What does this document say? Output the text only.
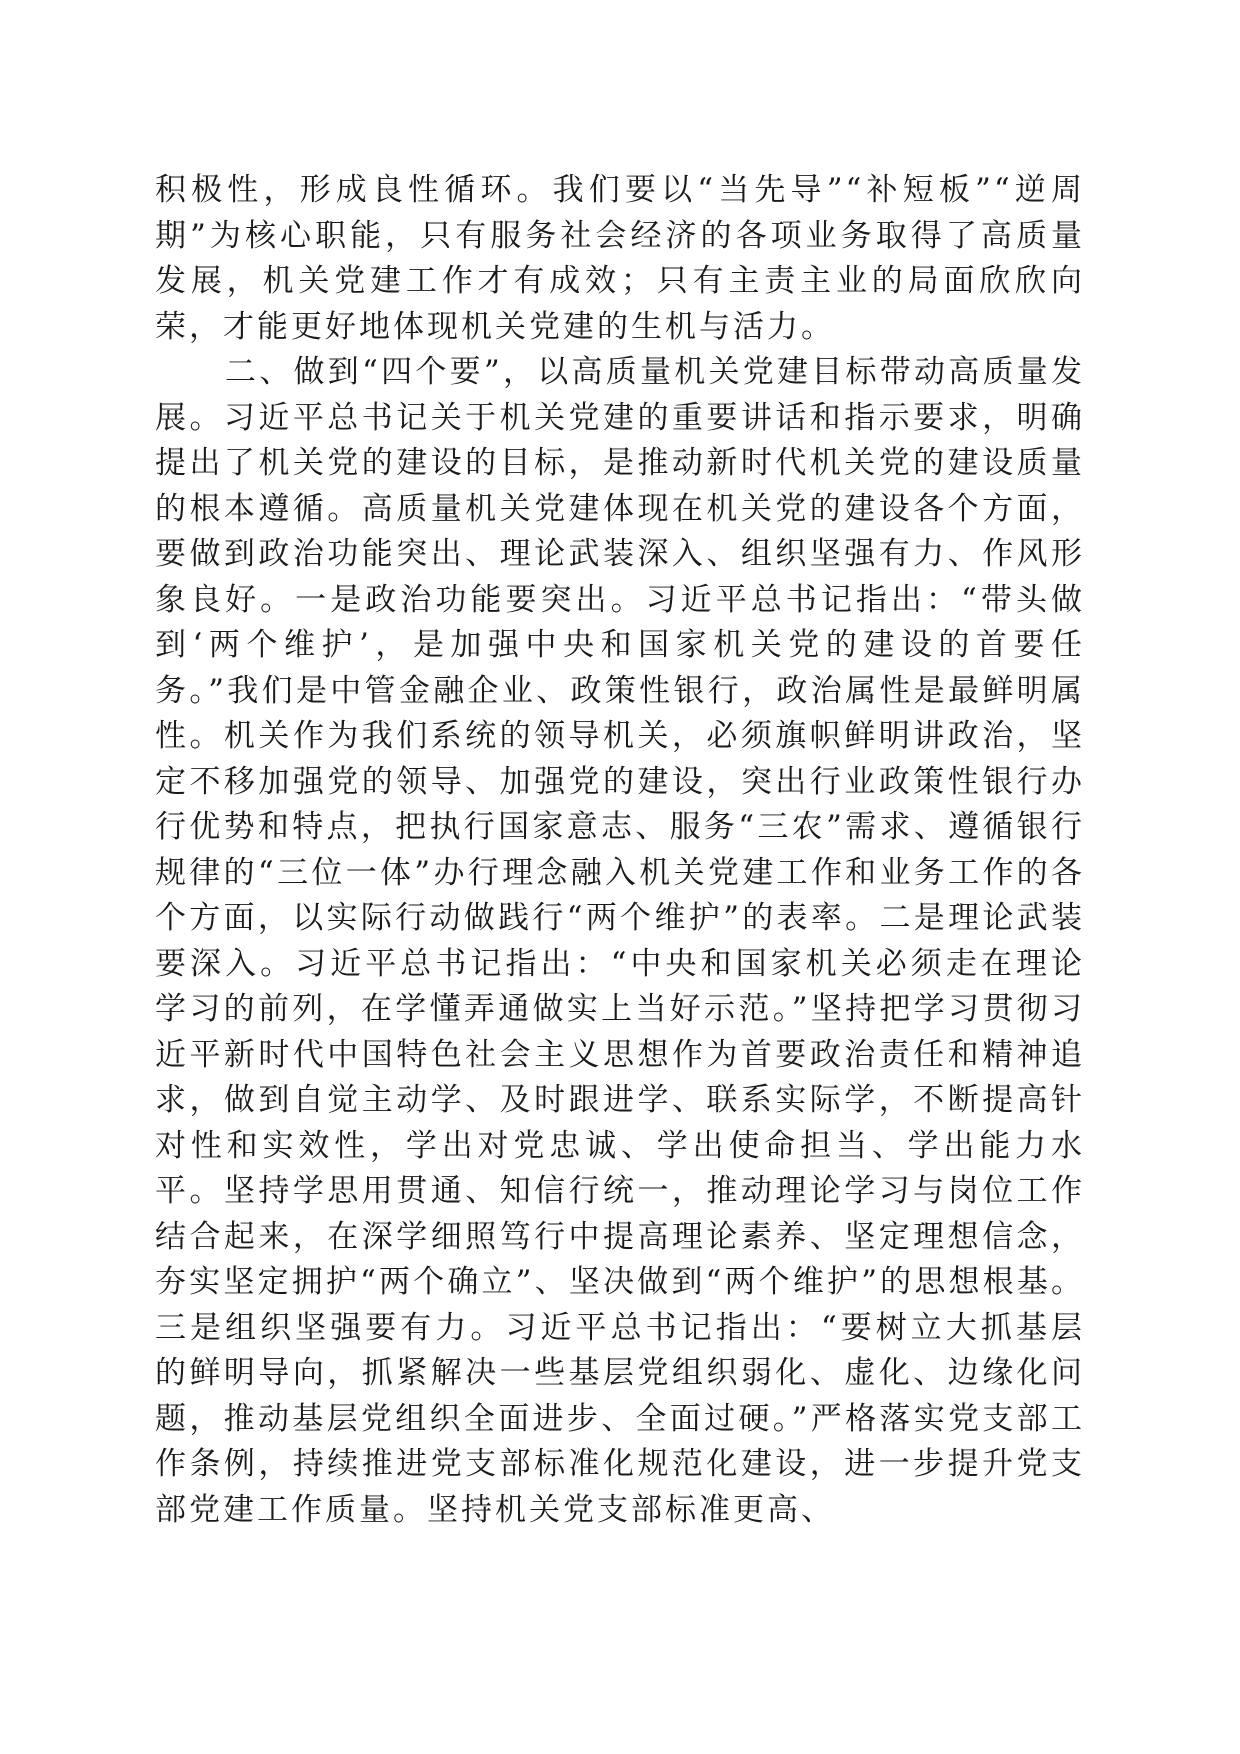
积极性，形成良性循环。我们要以“当先导”“补短板”“逆周期”为核心职能，只有服务社会经济的各项业务取得了高质量发展，机关党建工作才有成效；只有主责主业的局面欣欣向荣，才能更好地体现机关党建的生机与活力。

二、做到“四个要”，以高质量机关党建目标带动高质量发展。习近平总书记关于机关党建的重要讲话和指示要求，明确提出了机关党的建设的目标，是推动新时代机关党的建设质量的根本遵循。高质量机关党建体现在机关党的建设各个方面，要做到政治功能突出、理论武装深入、组织坚强有力、作风形象良好。一是政治功能要突出。习近平总书记指出：“带头做到‘两个维护’，是加强中央和国家机关党的建设的首要任务。”我们是中管金融企业、政策性银行，政治属性是最鲜明属性。机关作为我们系统的领导机关，必须旗帜鲜明讲政治，坚定不移加强党的领导、加强党的建设，突出行业政策性银行办行优势和特点，把执行国家意志、服务“三农”需求、遵循银行规律的“三位一体”办行理念融入机关党建工作和业务工作的各个方面，以实际行动做践行“两个维护”的表率。二是理论武装要深入。习近平总书记指出：“中央和国家机关必须走在理论学习的前列，在学懂弄通做实上当好示范。”坚持把学习贯彻习近平新时代中国特色社会主义思想作为首要政治责任和精神追求，做到自觉主动学、及时跟进学、联系实际学，不断提高针对性和实效性，学出对党忠诚、学出使命担当、学出能力水平。坚持学思用贯通、知信行统一，推动理论学习与岗位工作结合起来，在深学细照笃行中提高理论素养、坚定理想信念，夯实坚定拥护“两个确立”、坚决做到“两个维护”的思想根基。三是组织坚强要有力。习近平总书记指出：“要树立大抓基层的鲜明导向，抓紧解决一些基层党组织弱化、虚化、边缘化问题，推动基层党组织全面进步、全面过硬。”严格落实党支部工作条例，持续推进党支部标准化规范化建设，进一步提升党支部党建工作质量。坚持机关党支部标准更高、
